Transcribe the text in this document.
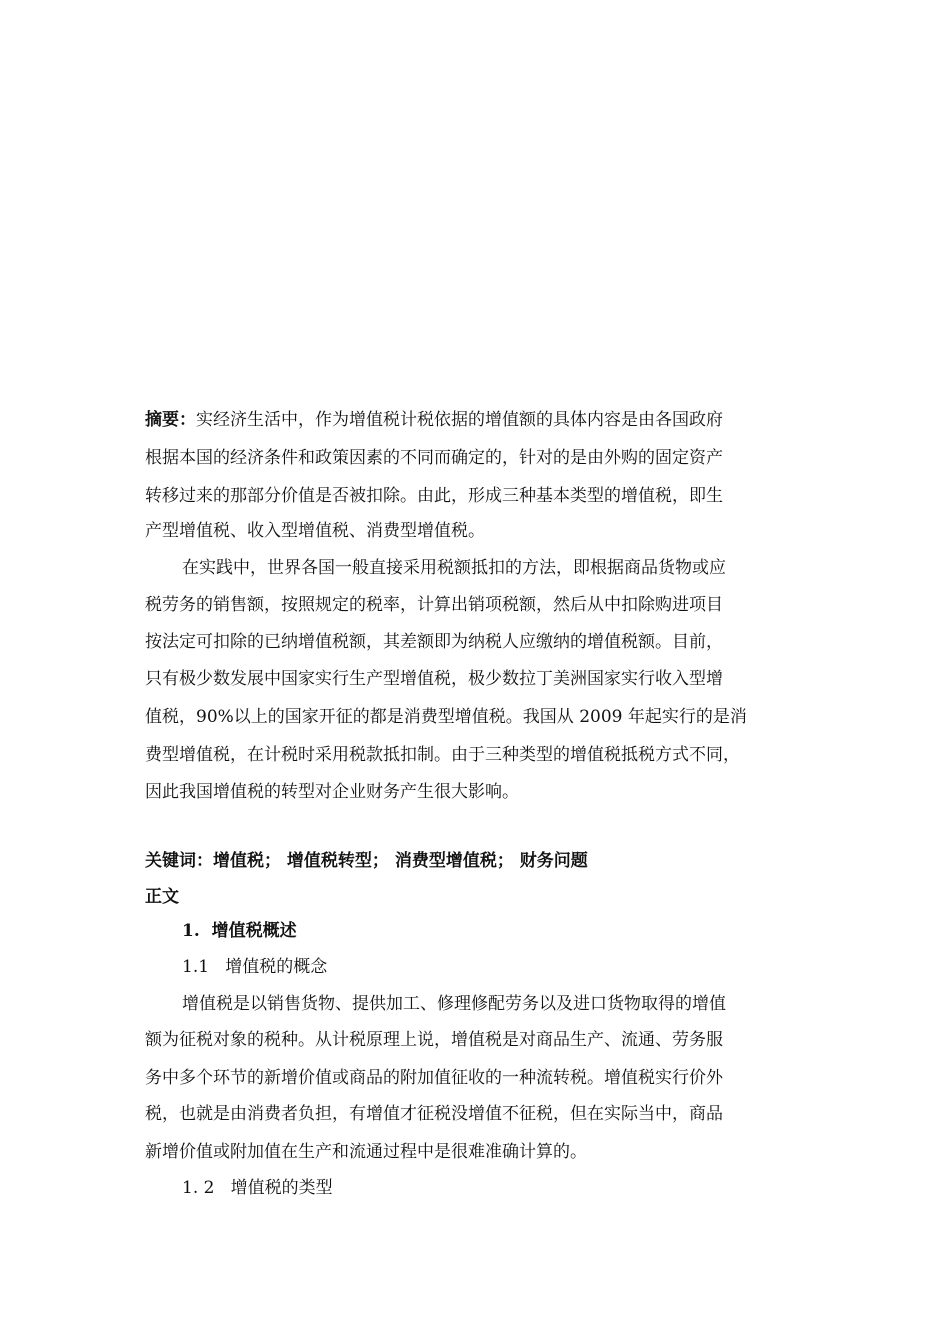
摘要：实经济生活中，作为增值税计税依据的增值额的具体内容是由各国政府
根据本国的经济条件和政策因素的不同而确定的，针对的是由外购的固定资产
转移过来的那部分价值是否被扣除。由此，形成三种基本类型的增值税，即生
产型增值税、收入型增值税、消费型增值税。
在实践中，世界各国一般直接采用税额抵扣的方法，即根据商品货物或应
税劳务的销售额，按照规定的税率，计算出销项税额，然后从中扣除购进项目
按法定可扣除的已纳增值税额，其差额即为纳税人应缴纳的增值税额。目前，
只有极少数发展中国家实行生产型增值税，极少数拉丁美洲国家实行收入型增
值税，90%以上的国家开征的都是消费型增值税。我国从 2009 年起实行的是消
费型增值税，在计税时采用税款抵扣制。由于三种类型的增值税抵税方式不同，
因此我国增值税的转型对企业财务产生很大影响。
关键词：增值税； 增值税转型； 消费型增值税； 财务问题
正文
1. 增值税概述
1.1 增值税的概念
增值税是以销售货物、提供加工、修理修配劳务以及进口货物取得的增值
额为征税对象的税种。从计税原理上说，增值税是对商品生产、流通、劳务服
务中多个环节的新增价值或商品的附加值征收的一种流转税。增值税实行价外
税，也就是由消费者负担，有增值才征税没增值不征税，但在实际当中，商品
新增价值或附加值在生产和流通过程中是很难准确计算的。
1. 2 增值税的类型
